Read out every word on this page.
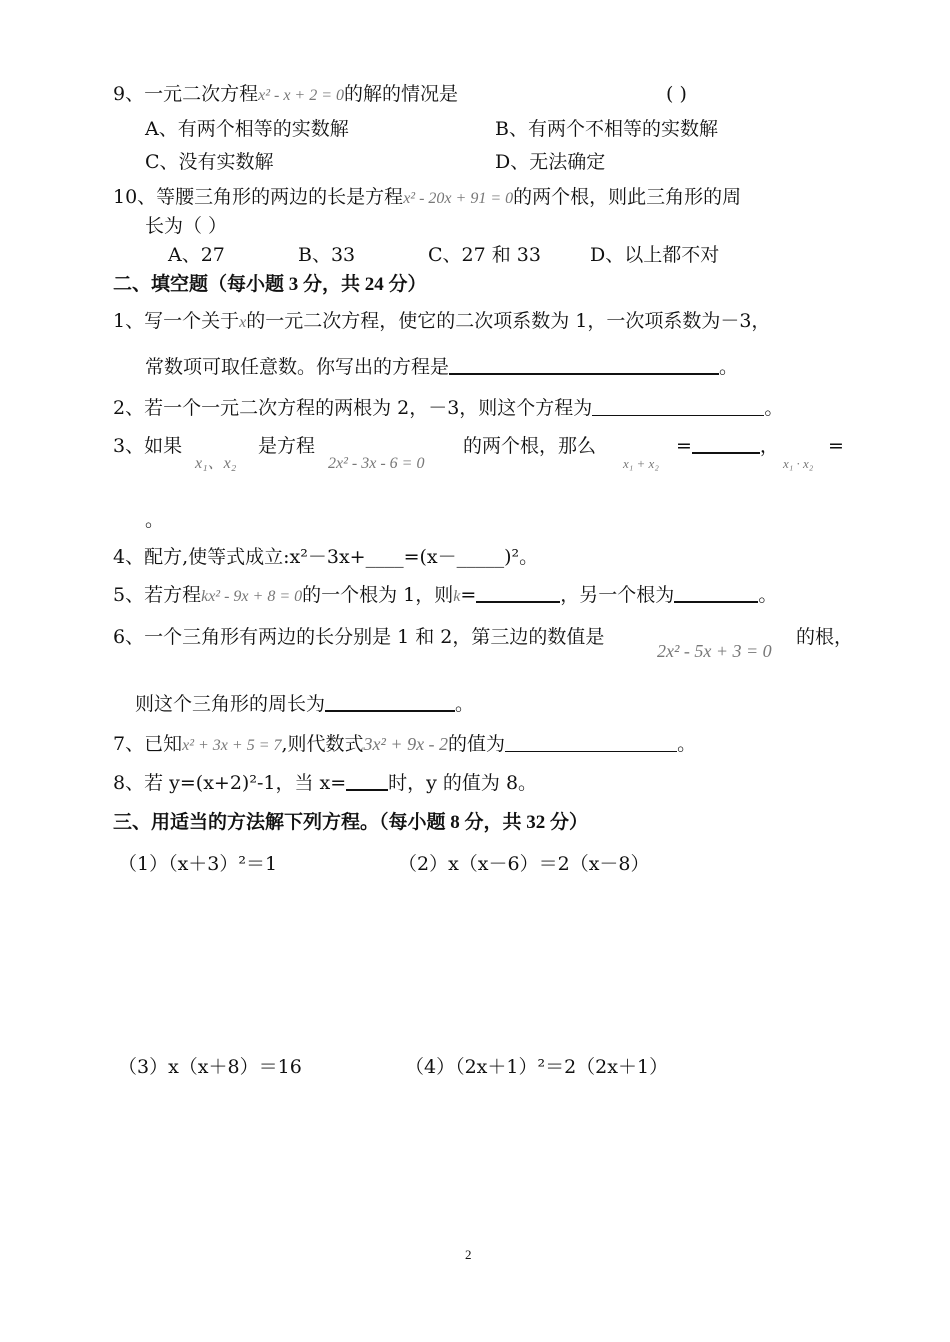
9、一元二次方程x² - x + 2 = 0的解的情况是	( )
A、有两个相等的实数解	B、有两个不相等的实数解
C、没有实数解	D、无法确定
10、等腰三角形的两边的长是方程x² - 20x + 91 = 0的两个根，则此三角形的周
长为（ ）
A、27	B、33	C、27 和 33	D、以上都不对
二、填空题（每小题 3 分，共 24 分）
1、写一个关于x的一元二次方程，使它的二次项系数为 1，一次项系数为－3，
常数项可取任意数。你写出的方程是	。
2、若一个一元二次方程的两根为 2，－3，则这个方程为	。
3、如果
x₁、x₂
是方程
2x² - 3x - 6 = 0
的两个根，那么
x₁ + x₂
=	，
x₁ · x₂
=
。
4、配方,使等式成立:x²－3x+____=(x－_____)²。
5、若方程kx² - 9x + 8 = 0的一个根为 1，则k=	，另一个根为	。
6、一个三角形有两边的长分别是 1 和 2，第三边的数值是
2x² - 5x + 3 = 0
的根，
则这个三角形的周长为	。
7、已知x² + 3x + 5 = 7,则代数式3x² + 9x - 2的值为	。
8、若 y=(x+2)²-1，当 x= 时，y 的值为 8。
三、用适当的方法解下列方程。（每小题 8 分，共 32 分）
（1）（x＋3）²＝1	（2）x（x－6）＝2（x－8）
（3）x（x＋8）＝16	（4）（2x＋1）²＝2（2x＋1）
2
